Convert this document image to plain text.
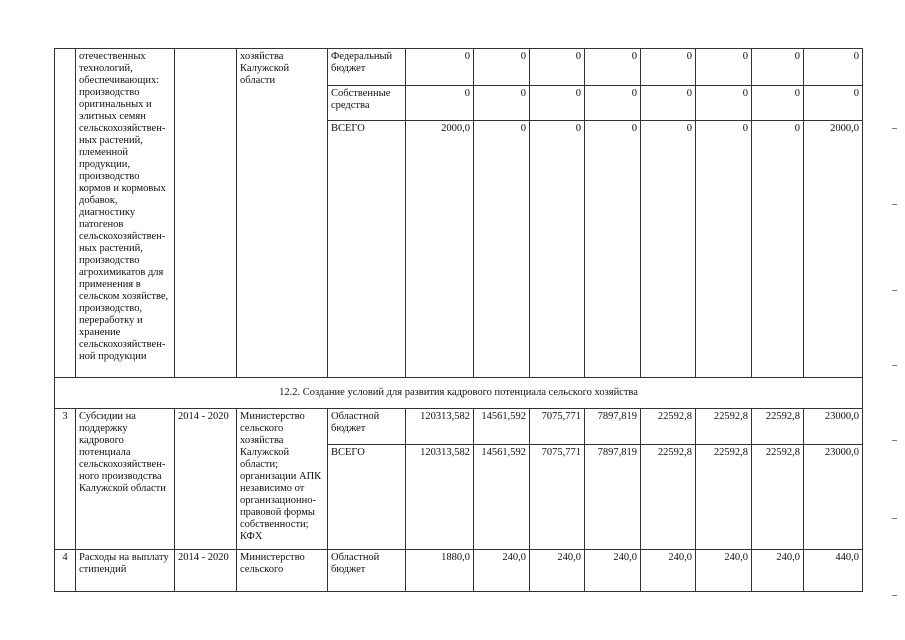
	отечественных технологий, обеспечивающих: производство оригинальных и элитных семян сельскохозяйствен-ных растений, племенной продукции, производство кормов и кормовых добавок, диагностику патогенов сельскохозяйствен-ных растений, производство агрохимикатов для применения в сельском хозяйстве, производство, переработку и хранение сельскохозяйствен-ной продукции		хозяйства Калужской области	Федеральный бюджет	0	0	0	0	0	0	0	0
				Собственные средства	0	0	0	0	0	0	0	0
				ВСЕГО	2000,0	0	0	0	0	0	0	2000,0
12.2. Создание условий для развития кадрового потенциала сельского хозяйства												
3	Субсидии на поддержку кадрового потенциала сельскохозяйствен-ного производства Калужской области	2014 - 2020	Министерство сельского хозяйства Калужской области; организации АПК независимо от организационно-правовой формы собственности; КФХ	Областной бюджет	120313,582	14561,592	7075,771	7897,819	22592,8	22592,8	22592,8	23000,0
				ВСЕГО	120313,582	14561,592	7075,771	7897,819	22592,8	22592,8	22592,8	23000,0
4	Расходы на выплату стипендий	2014 - 2020	Министерство сельского	Областной бюджет	1880,0	240,0	240,0	240,0	240,0	240,0	240,0	440,0
